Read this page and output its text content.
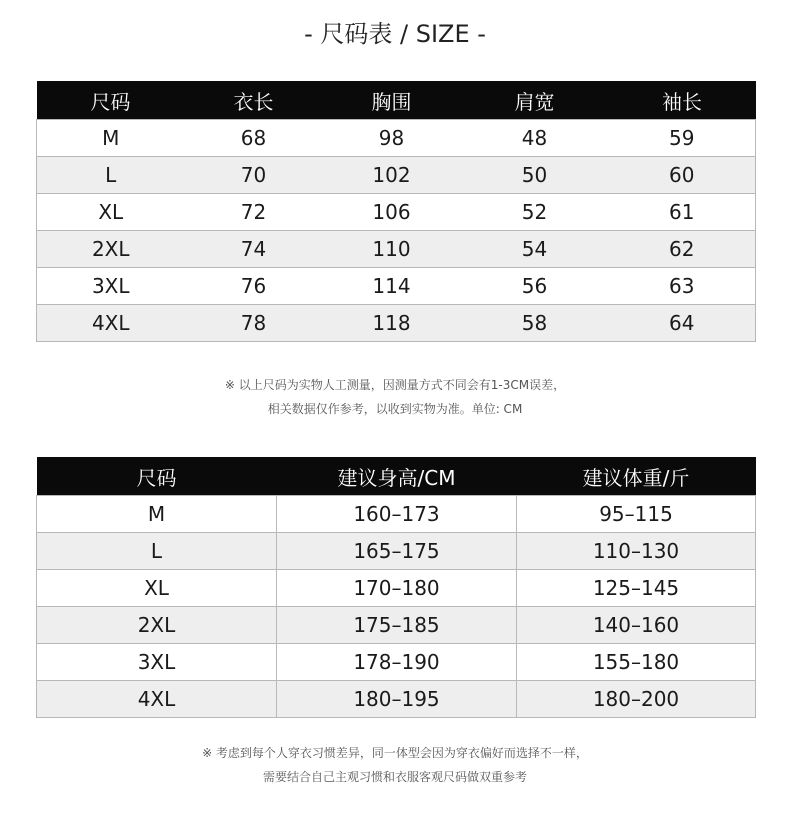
- 尺码表 / SIZE -
尺码	衣长	胸围	肩宽	袖长
M	68	98	48	59
L	70	102	50	60
XL	72	106	52	61
2XL	74	110	54	62
3XL	76	114	56	63
4XL	78	118	58	64
※ 以上尺码为实物人工测量，因测量方式不同会有1-3CM误差，
相关数据仅作参考，以收到实物为准。单位: CM
尺码	建议身高/CM	建议体重/斤
M	160–173	95–115
L	165–175	110–130
XL	170–180	125–145
2XL	175–185	140–160
3XL	178–190	155–180
4XL	180–195	180–200
※ 考虑到每个人穿衣习惯差异，同一体型会因为穿衣偏好而选择不一样，
需要结合自己主观习惯和衣服客观尺码做双重参考
